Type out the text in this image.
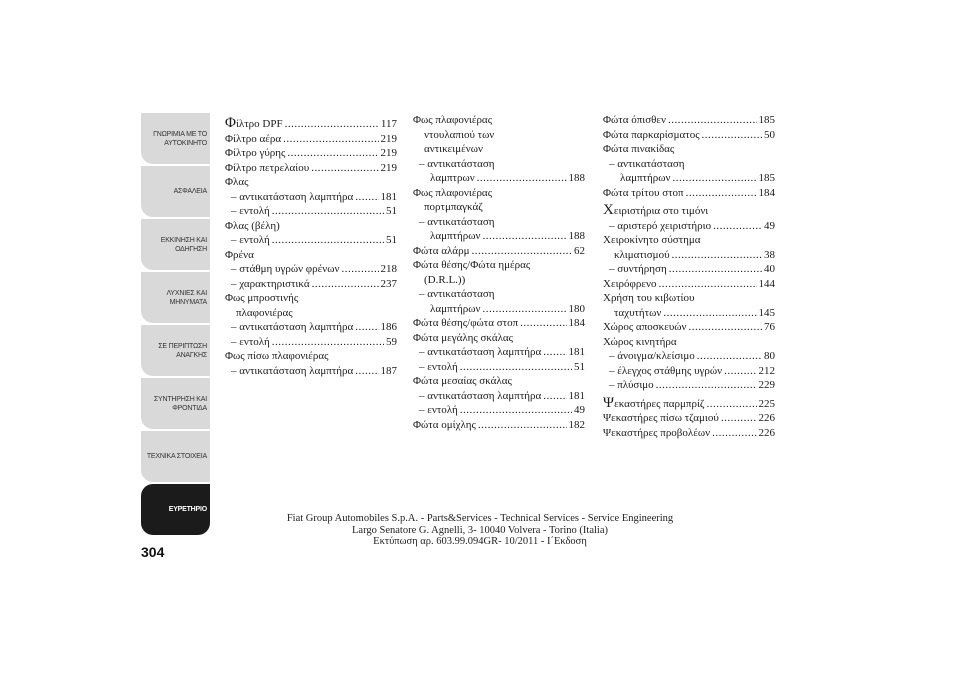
ΓΝΩΡΙΜΙΑ ΜΕ ΤΟ
ΑΥΤΟΚΙΝΗΤΟ
ΑΣΦΑΛΕΙΑ
ΕΚΚΙΝΗΣΗ ΚΑΙ
ΟΔΗΓΗΣΗ
ΛΥΧΝΙΕΣ ΚΑΙ
ΜΗΝΥΜΑΤΑ
ΣΕ ΠΕΡΙΠΤΩΣΗ
ΑΝΑΓΚΗΣ
ΣΥΝΤΗΡΗΣΗ ΚΑΙ
ΦΡΟΝΤΙΔΑ
ΤΕΧΝΙΚΑ ΣΤΟΙΧΕΙΑ
ΕΥΡΕΤΗΡΙΟ
304
Φίλτρο DPF .....	117
Φίλτρο αέρα .....	219
Φίλτρο γύρης .....	219
Φίλτρο πετρελαίου .....	219
Φλας
– αντικατάσταση λαμπτήρα ..... 181
– εντολή .....	51
Φλας (βέλη)
– εντολή .....	51
Φρένα
– στάθμη υγρών φρένων .....	218
– χαρακτηριστικά .....	237
Φως μπροστινής
πλαφονιέρας
– αντικατάσταση λαμπτήρα ..... 186
– εντολή .....	59
Φως πίσω πλαφονιέρας
– αντικατάσταση λαμπτήρα ..... 187
Φως πλαφονιέρας
ντουλαπιού των
αντικειμένων
– αντικατάσταση
λαμπτρων .....	188
Φως πλαφονιέρας
πορτμπαγκάζ
– αντικατάσταση
λαμπτήρων .....	188
Φώτα αλάρμ .....	62
Φώτα θέσης/Φώτα ημέρας
(D.R.L.))
– αντικατάσταση
λαμπτήρων .....	180
Φώτα θέσης/φώτα στοπ .....	184
Φώτα μεγάλης σκάλας
– αντικατάσταση λαμπτήρα ..... 181
– εντολή .....	51
Φώτα μεσαίας σκάλας
– αντικατάσταση λαμπτήρα ..... 181
– εντολή .....	49
Φώτα ομίχλης .....	182
Φώτα όπισθεν .....	185
Φώτα παρκαρίσματος .....	50
Φώτα πινακίδας
– αντικατάσταση
λαμπτήρων .....	185
Φώτα τρίτου στοπ .....	184
Χειριστήρια στο τιμόνι
– αριστερό χειριστήριο .....	49
Χειροκίνητο σύστημα
κλιματισμού .....	38
– συντήρηση .....	40
Χειρόφρενο .....	144
Χρήση του κιβωτίου
ταχυτήτων .....	145
Χώρος αποσκευών .....	76
Χώρος κινητήρα
– άνοιγμα/κλείσιμο .....	80
– έλεγχος στάθμης υγρών .....	212
– πλύσιμο .....	229
Ψεκαστήρες παρμπρίζ .....	225
Ψεκαστήρες πίσω τζαμιού .....	226
Ψεκαστήρες προβολέων .....	226
Fiat Group Automobiles S.p.A. - Parts&Services - Technical Services - Service Engineering
Largo Senatore G. Agnelli, 3- 10040 Volvera - Torino (Italia)
Εκτύπωση αρ. 603.99.094GR- 10/2011 - Ι΄Εκδοση
